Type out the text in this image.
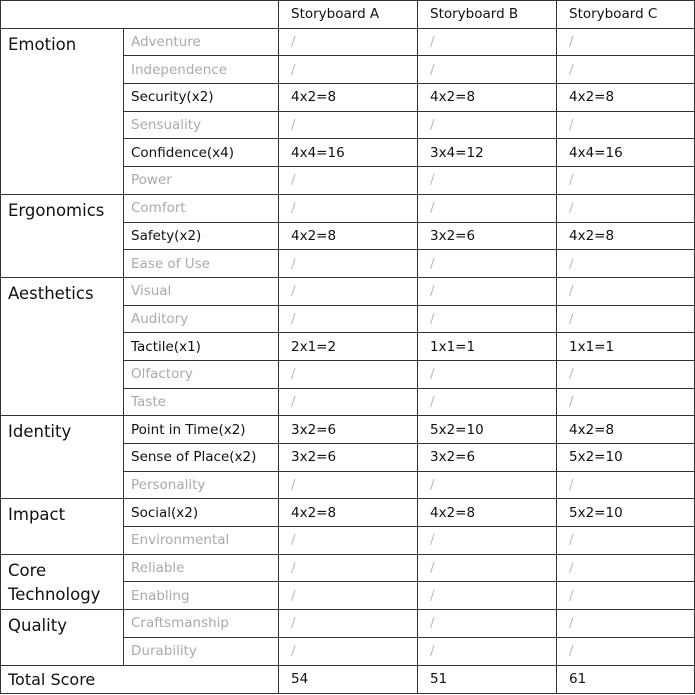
		Storyboard A	Storyboard B	Storyboard C
Emotion	Adventure	/	/	/
	Independence	/	/	/
	Security(x2)	4x2=8	4x2=8	4x2=8
	Sensuality	/	/	/
	Confidence(x4)	4x4=16	3x4=12	4x4=16
	Power	/	/	/
Ergonomics	Comfort	/	/	/
	Safety(x2)	4x2=8	3x2=6	4x2=8
	Ease of Use	/	/	/
Aesthetics	Visual	/	/	/
	Auditory	/	/	/
	Tactile(x1)	2x1=2	1x1=1	1x1=1
	Olfactory	/	/	/
	Taste	/	/	/
Identity	Point in Time(x2)	3x2=6	5x2=10	4x2=8
	Sense of Place(x2)	3x2=6	3x2=6	5x2=10
	Personality	/	/	/
Impact	Social(x2)	4x2=8	4x2=8	5x2=10
	Environmental	/	/	/
Core Technology	Reliable	/	/	/
	Enabling	/	/	/
Quality	Craftsmanship	/	/	/
	Durability	/	/	/
Total Score		54	51	61
